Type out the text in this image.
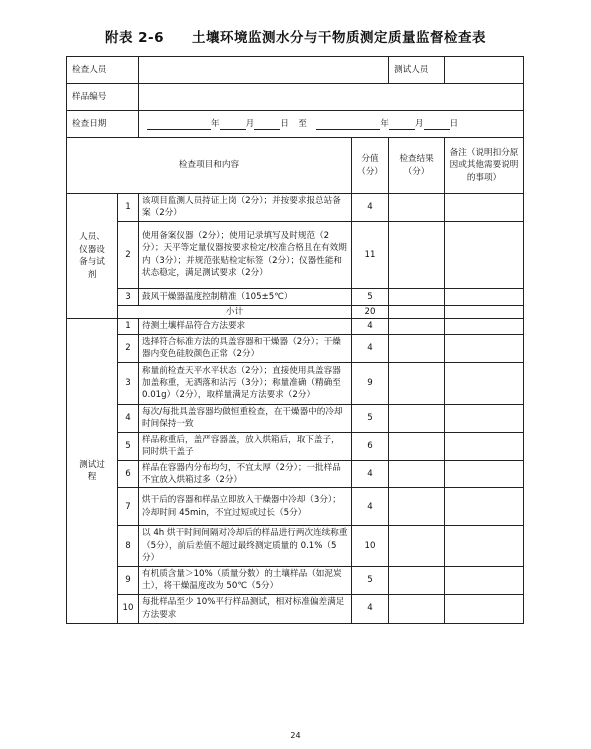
附表 2-6 土壤环境监测水分与干物质测定质量监督检查表
检查人员				测试人员	
样品编号					
检查日期		年 月 日 至 年 月 日			
检查项目和内容			分值（分）	检查结果（分）	备注（说明扣分原因或其他需要说明的事项）
人员、仪器设备与试剂	1	该项目监测人员持证上岗（2分）；并按要求报总站备案（2分）	4		
	2	使用备案仪器（2分）；使用记录填写及时规范（2分）；天平等定量仪器按要求检定/校准合格且在有效期内（3分）；并规范张贴检定标签（2分）；仪器性能和状态稳定，满足测试要求（2分）	11		
	3	鼓风干燥器温度控制精准（105±5℃）	5		
	小计		20		
测试过程	1	待测土壤样品符合方法要求	4		
	2	选择符合标准方法的具盖容器和干燥器（2分）；干燥器内变色硅胶颜色正常（2分）	4		
	3	称量前检查天平水平状态（2分）；直接使用具盖容器加盖称重，无洒落和沾污（3分）；称量准确（精确至0.01g）（2分），取样量满足方法要求（2分）	9		
	4	每次/每批具盖容器均做恒重检查，在干燥器中的冷却时间保持一致	5		
	5	样品称重后，盖严容器盖，放入烘箱后，取下盖子，同时烘干盖子	6		
	6	样品在容器内分布均匀，不宜太厚（2分）；一批样品不宜放入烘箱过多（2分）	4		
	7	烘干后的容器和样品立即放入干燥器中冷却（3分）；冷却时间 45min，不宜过短或过长（5分）	4		
	8	以 4h 烘干时间间隔对冷却后的样品进行两次连续称重（5分），前后差值不超过最终测定质量的 0.1%（5分）	10		
	9	有机质含量＞10%（质量分数）的土壤样品（如泥炭土），将干燥温度改为 50℃（5分）	5		
	10	每批样品至少 10%平行样品测试，相对标准偏差满足方法要求	4		
24
